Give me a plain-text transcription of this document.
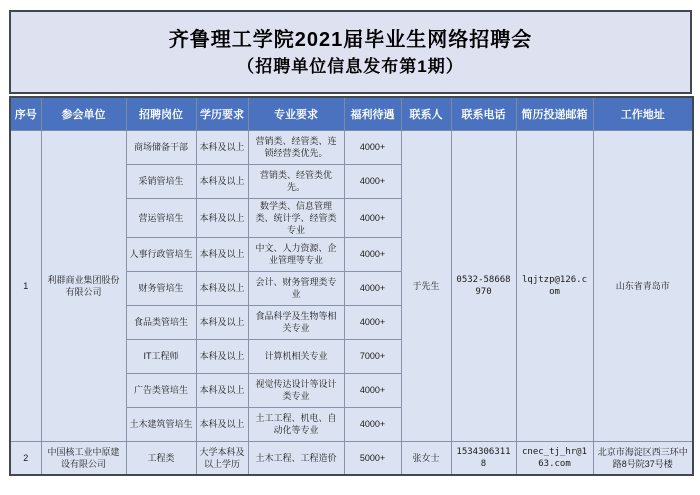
齐鲁理工学院2021届毕业生网络招聘会
（招聘单位信息发布第1期）
序号	参会单位	招聘岗位	学历要求	专业要求	福利待遇	联系人	联系电话	简历投递邮箱	工作地址
1	利群商业集团股份有限公司	商场储备干部	本科及以上	营销类、经管类、连锁经营类优先。	4000+	于先生	0532-58668970	lqjtzp@126.com	山东省青岛市
		采销管培生	本科及以上	营销类、经管类优先。	4000+				
		营运管培生	本科及以上	数学类、信息管理类、统计学、经管类专业	4000+				
		人事行政管培生	本科及以上	中文、人力资源、企业管理等专业	4000+				
		财务管培生	本科及以上	会计、财务管理类专业	4000+				
		食品类管培生	本科及以上	食品科学及生物等相关专业	4000+				
		IT工程师	本科及以上	计算机相关专业	7000+				
		广告类管培生	本科及以上	视觉传达设计等设计类专业	4000+				
		土木建筑管培生	本科及以上	土工工程、机电、自动化等专业	4000+				
2	中国核工业中原建设有限公司	工程类	大学本科及以上学历	土木工程、工程造价	5000+	张女士	15343063118	cnec_tj_hr@163.com	北京市海淀区西三环中路8号院37号楼
